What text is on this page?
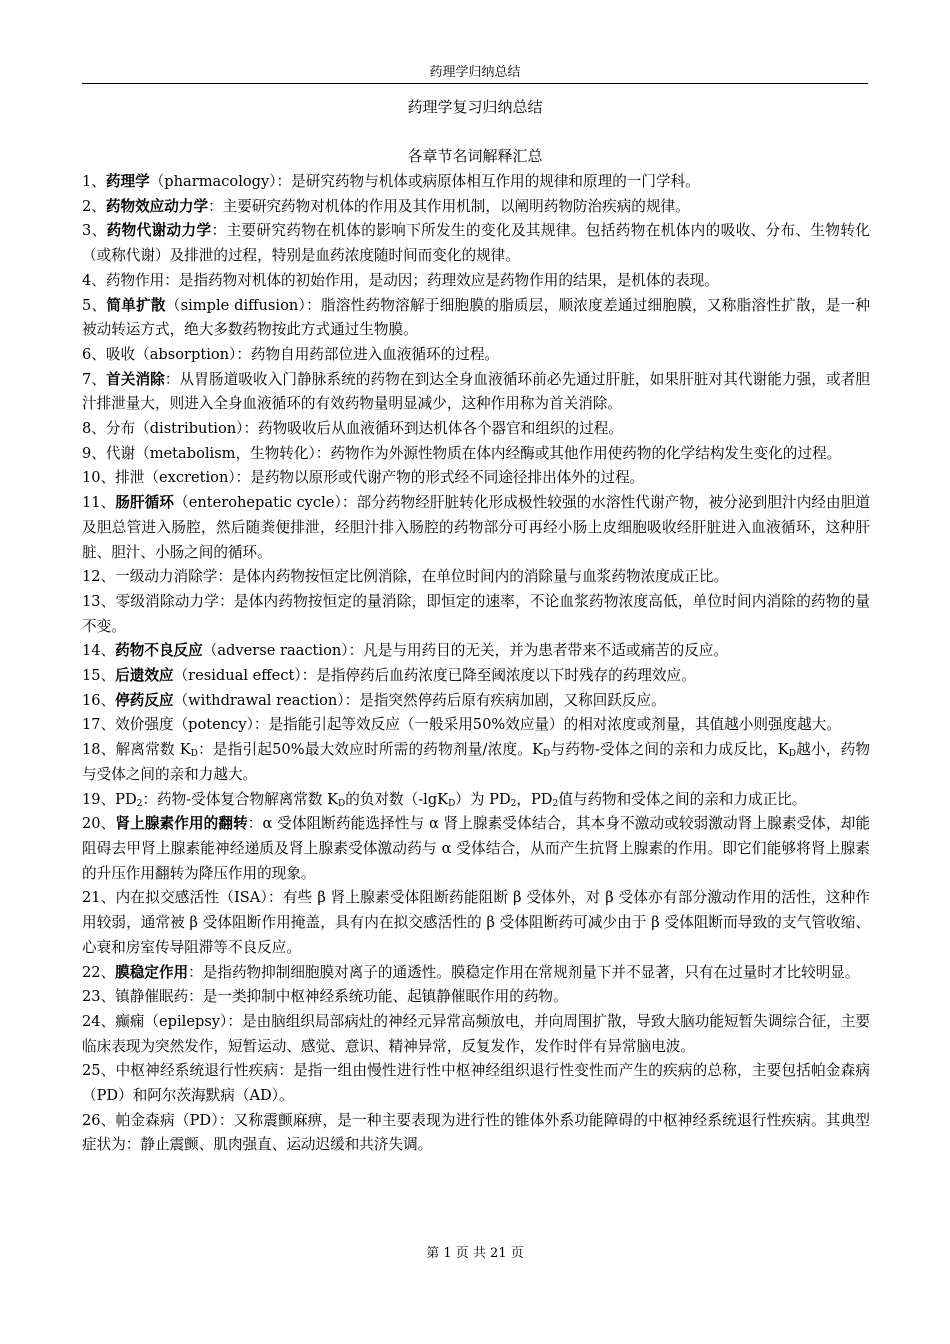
药理学归纳总结
药理学复习归纳总结
各章节名词解释汇总

1、药理学（pharmacology）：是研究药物与机体或病原体相互作用的规律和原理的一门学科。

2、药物效应动力学：主要研究药物对机体的作用及其作用机制，以阐明药物防治疾病的规律。

3、药物代谢动力学：主要研究药物在机体的影响下所发生的变化及其规律。包括药物在机体内的吸收、分布、生物转化（或称代谢）及排泄的过程，特别是血药浓度随时间而变化的规律。

4、药物作用：是指药物对机体的初始作用，是动因；药理效应是药物作用的结果，是机体的表现。

5、简单扩散（simple diffusion）：脂溶性药物溶解于细胞膜的脂质层，顺浓度差通过细胞膜，又称脂溶性扩散，是一种被动转运方式，绝大多数药物按此方式通过生物膜。

6、吸收（absorption）：药物自用药部位进入血液循环的过程。

7、首关消除：从胃肠道吸收入门静脉系统的药物在到达全身血液循环前必先通过肝脏，如果肝脏对其代谢能力强，或者胆汁排泄量大，则进入全身血液循环的有效药物量明显减少，这种作用称为首关消除。

8、分布（distribution）：药物吸收后从血液循环到达机体各个器官和组织的过程。

9、代谢（metabolism，生物转化）：药物作为外源性物质在体内经酶或其他作用使药物的化学结构发生变化的过程。

10、排泄（excretion）：是药物以原形或代谢产物的形式经不同途径排出体外的过程。

11、肠肝循环（enterohepatic cycle）：部分药物经肝脏转化形成极性较强的水溶性代谢产物，被分泌到胆汁内经由胆道及胆总管进入肠腔，然后随粪便排泄，经胆汁排入肠腔的药物部分可再经小肠上皮细胞吸收经肝脏进入血液循环，这种肝脏、胆汁、小肠之间的循环。

12、一级动力消除学：是体内药物按恒定比例消除，在单位时间内的消除量与血浆药物浓度成正比。

13、零级消除动力学：是体内药物按恒定的量消除，即恒定的速率，不论血浆药物浓度高低，单位时间内消除的药物的量不变。

14、药物不良反应（adverse raaction）：凡是与用药目的无关，并为患者带来不适或痛苦的反应。

15、后遗效应（residual effect）：是指停药后血药浓度已降至阈浓度以下时残存的药理效应。

16、停药反应（withdrawal reaction）：是指突然停药后原有疾病加剧，又称回跃反应。

17、效价强度（potency）：是指能引起等效反应（一般采用50%效应量）的相对浓度或剂量，其值越小则强度越大。

18、解离常数 $K_D$：是指引起50%最大效应时所需的药物剂量/浓度。$K_D$与药物-受体之间的亲和力成反比，$K_D$越小，药物与受体之间的亲和力越大。

19、$PD_2$：药物-受体复合物解离常数 $K_D$的负对数（-lgK$_D$）为 $PD_2$，$PD_2$值与药物和受体之间的亲和力成正比。

20、肾上腺素作用的翻转：α 受体阻断药能选择性与 α 肾上腺素受体结合，其本身不激动或较弱激动肾上腺素受体，却能阻碍去甲肾上腺素能神经递质及肾上腺素受体激动药与 α 受体结合，从而产生抗肾上腺素的作用。即它们能够将肾上腺素的升压作用翻转为降压作用的现象。

21、内在拟交感活性（ISA）：有些 β 肾上腺素受体阻断药能阻断 β 受体外，对 β 受体亦有部分激动作用的活性，这种作用较弱，通常被 β 受体阻断作用掩盖，具有内在拟交感活性的 β 受体阻断药可减少由于 β 受体阻断而导致的支气管收缩、心衰和房室传导阻滞等不良反应。

22、膜稳定作用：是指药物抑制细胞膜对离子的通透性。膜稳定作用在常规剂量下并不显著，只有在过量时才比较明显。

23、镇静催眠药：是一类抑制中枢神经系统功能、起镇静催眠作用的药物。

24、癫痫（epilepsy）：是由脑组织局部病灶的神经元异常高频放电，并向周围扩散，导致大脑功能短暂失调综合征，主要临床表现为突然发作，短暂运动、感觉、意识、精神异常，反复发作，发作时伴有异常脑电波。

25、中枢神经系统退行性疾病：是指一组由慢性进行性中枢神经组织退行性变性而产生的疾病的总称，主要包括帕金森病（PD）和阿尔茨海默病（AD）。

26、帕金森病（PD）：又称震颤麻痹，是一种主要表现为进行性的锥体外系功能障碍的中枢神经系统退行性疾病。其典型症状为：静止震颤、肌肉强直、运动迟缓和共济失调。

第 1 页 共 21 页
